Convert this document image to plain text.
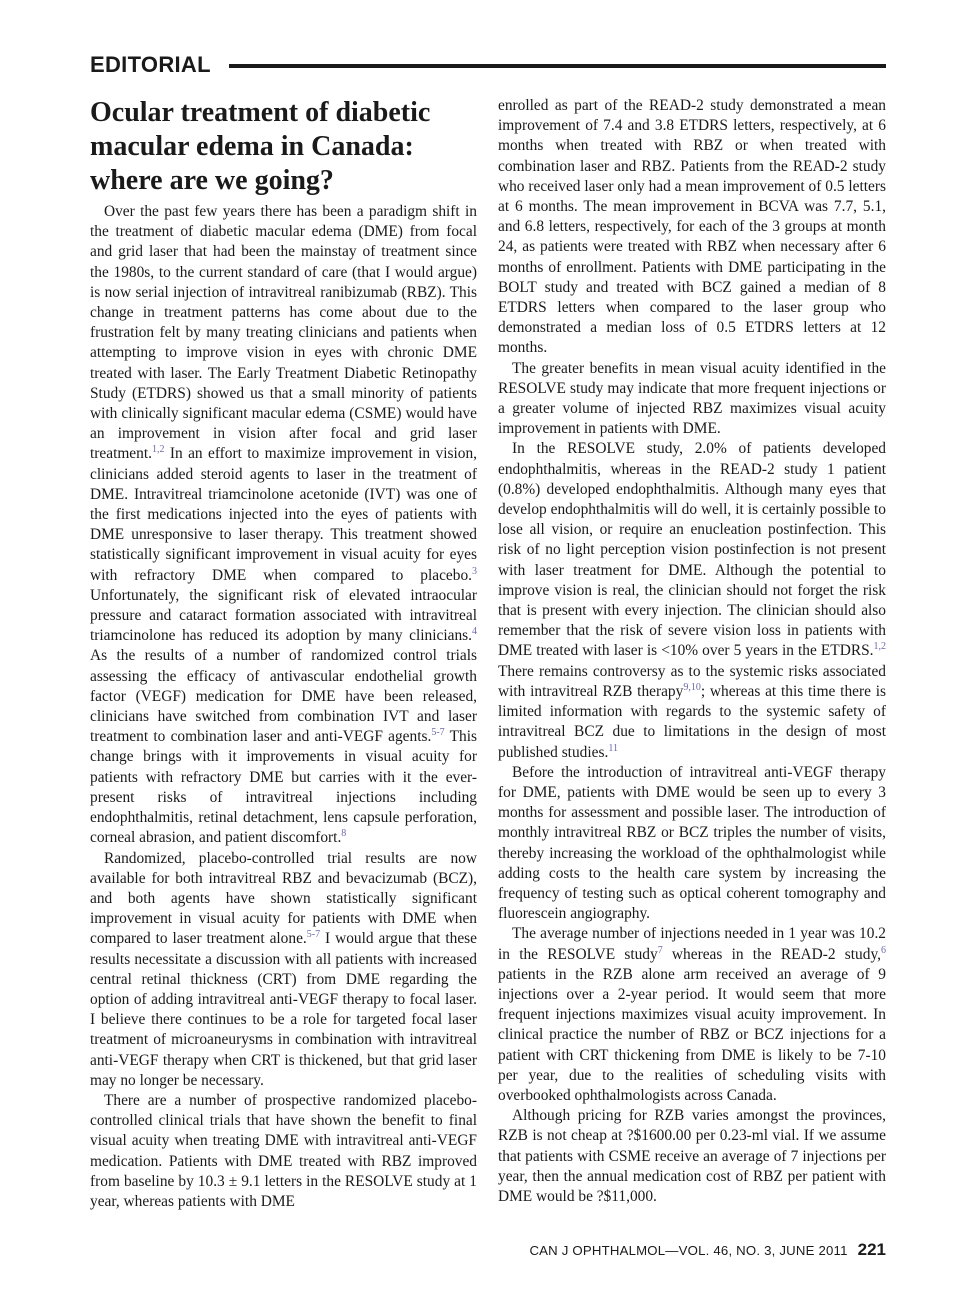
EDITORIAL
Ocular treatment of diabetic macular edema in Canada: where are we going?

Over the past few years there has been a paradigm shift in the treatment of diabetic macular edema (DME) from focal and grid laser that had been the mainstay of treatment since the 1980s, to the current standard of care (that I would argue) is now serial injection of intravitreal ranibizumab (RBZ). This change in treatment patterns has come about due to the frustration felt by many treating clinicians and patients when attempting to improve vision in eyes with chronic DME treated with laser. The Early Treatment Diabetic Retinopathy Study (ETDRS) showed us that a small minority of patients with clinically significant macular edema (CSME) would have an improvement in vision after focal and grid laser treatment.$^{1,2}$ In an effort to maximize improvement in vision, clinicians added steroid agents to laser in the treatment of DME. Intravitreal triamcinolone acetonide (IVT) was one of the first medications injected into the eyes of patients with DME unresponsive to laser therapy. This treatment showed statistically significant improvement in visual acuity for eyes with refractory DME when compared to placebo.$^3$ Unfortunately, the significant risk of elevated intraocular pressure and cataract formation associated with intravitreal triamcinolone has reduced its adoption by many clinicians.$^4$ As the results of a number of randomized control trials assessing the efficacy of antivascular endothelial growth factor (VEGF) medication for DME have been released, clinicians have switched from combination IVT and laser treatment to combination laser and anti-VEGF agents.$^{5-7}$ This change brings with it improvements in visual acuity for patients with refractory DME but carries with it the ever-present risks of intravitreal injections including endophthalmitis, retinal detachment, lens capsule perforation, corneal abrasion, and patient discomfort.$^8$

Randomized, placebo-controlled trial results are now available for both intravitreal RBZ and bevacizumab (BCZ), and both agents have shown statistically significant improvement in visual acuity for patients with DME when compared to laser treatment alone.$^{5-7}$ I would argue that these results necessitate a discussion with all patients with increased central retinal thickness (CRT) from DME regarding the option of adding intravitreal anti-VEGF therapy to focal laser. I believe there continues to be a role for targeted focal laser treatment of microaneurysms in combination with intravitreal anti-VEGF therapy when CRT is thickened, but that grid laser may no longer be necessary.

There are a number of prospective randomized placebo-controlled clinical trials that have shown the benefit to final visual acuity when treating DME with intravitreal anti-VEGF medication. Patients with DME treated with RBZ improved from baseline by 10.3 ± 9.1 letters in the RESOLVE study at 1 year, whereas patients with DME

enrolled as part of the READ-2 study demonstrated a mean improvement of 7.4 and 3.8 ETDRS letters, respectively, at 6 months when treated with RBZ or when treated with combination laser and RBZ. Patients from the READ-2 study who received laser only had a mean improvement of 0.5 letters at 6 months. The mean improvement in BCVA was 7.7, 5.1, and 6.8 letters, respectively, for each of the 3 groups at month 24, as patients were treated with RBZ when necessary after 6 months of enrollment. Patients with DME participating in the BOLT study and treated with BCZ gained a median of 8 ETDRS letters when compared to the laser group who demonstrated a median loss of 0.5 ETDRS letters at 12 months.

The greater benefits in mean visual acuity identified in the RESOLVE study may indicate that more frequent injections or a greater volume of injected RBZ maximizes visual acuity improvement in patients with DME.

In the RESOLVE study, 2.0% of patients developed endophthalmitis, whereas in the READ-2 study 1 patient (0.8%) developed endophthalmitis. Although many eyes that develop endophthalmitis will do well, it is certainly possible to lose all vision, or require an enucleation postinfection. This risk of no light perception vision postinfection is not present with laser treatment for DME. Although the potential to improve vision is real, the clinician should not forget the risk that is present with every injection. The clinician should also remember that the risk of severe vision loss in patients with DME treated with laser is <10% over 5 years in the ETDRS.$^{1,2}$ There remains controversy as to the systemic risks associated with intravitreal RZB therapy$^{9,10}$; whereas at this time there is limited information with regards to the systemic safety of intravitreal BCZ due to limitations in the design of most published studies.$^{11}$

Before the introduction of intravitreal anti-VEGF therapy for DME, patients with DME would be seen up to every 3 months for assessment and possible laser. The introduction of monthly intravitreal RBZ or BCZ triples the number of visits, thereby increasing the workload of the ophthalmologist while adding costs to the health care system by increasing the frequency of testing such as optical coherent tomography and fluorescein angiography.

The average number of injections needed in 1 year was 10.2 in the RESOLVE study$^7$ whereas in the READ-2 study,$^6$ patients in the RZB alone arm received an average of 9 injections over a 2-year period. It would seem that more frequent injections maximizes visual acuity improvement. In clinical practice the number of RBZ or BCZ injections for a patient with CRT thickening from DME is likely to be 7-10 per year, due to the realities of scheduling visits with overbooked ophthalmologists across Canada.

Although pricing for RZB varies amongst the provinces, RZB is not cheap at ?$1600.00 per 0.23-ml vial. If we assume that patients with CSME receive an average of 7 injections per year, then the annual medication cost of RBZ per patient with DME would be ?$11,000.

CAN J OPHTHALMOL—VOL. 46, NO. 3, JUNE 2011 221
